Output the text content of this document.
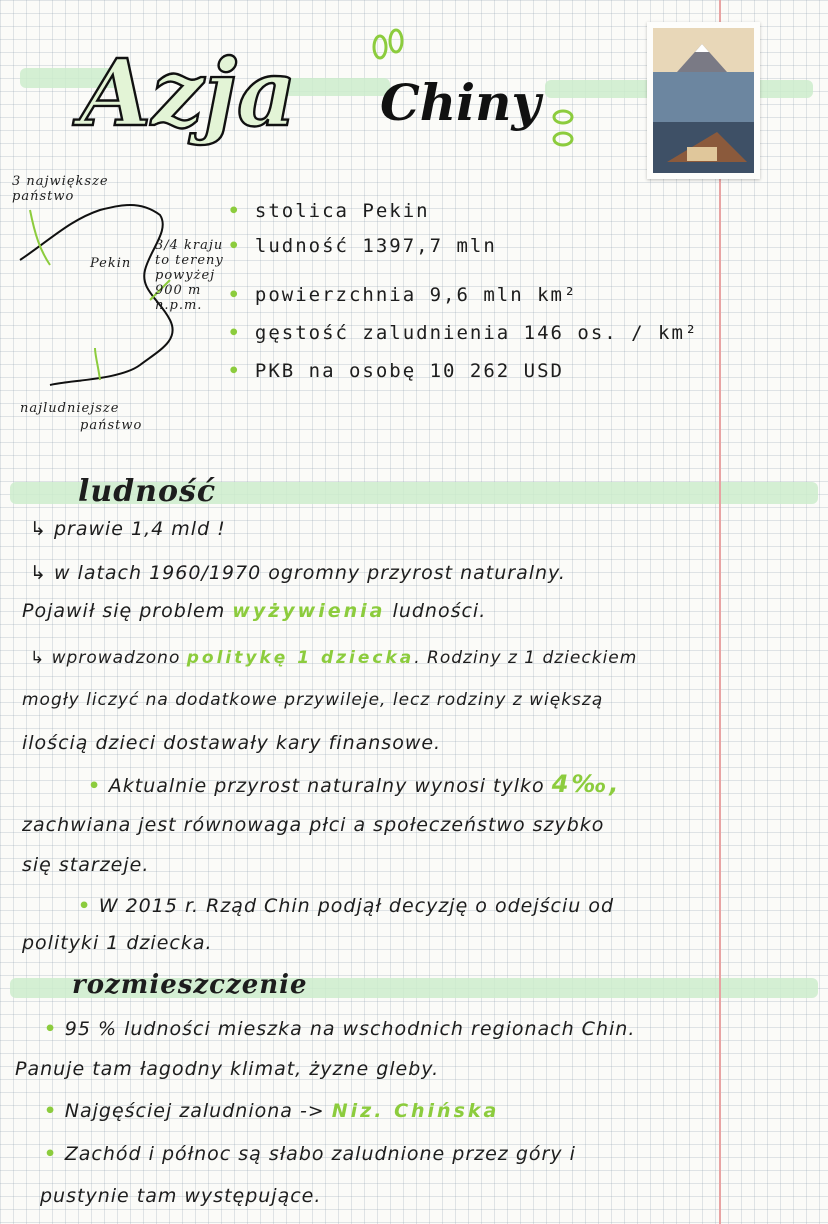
Azja Chiny
3 największe
państwo
Pekin
3/4 kraju
to tereny
powyżej
900 m
n.p.m.
najludniejsze
państwo
• stolica Pekin
• ludność 1397,7 mln
• powierzchnia 9,6 mln km²
• gęstość zaludnienia 146 os. / km²
• PKB na osobę 10 262 USD
ludność
↳ prawie 1,4 mld !
↳ w latach 1960/1970 ogromny przyrost naturalny.
Pojawił się problem wyżywienia ludności.
↳ wprowadzono politykę 1 dziecka. Rodziny z 1 dzieckiem
mogły liczyć na dodatkowe przywileje, lecz rodziny z większą
ilością dzieci dostawały kary finansowe.
• Aktualnie przyrost naturalny wynosi tylko 4‰,
zachwiana jest równowaga płci a społeczeństwo szybko
się starzeje.
• W 2015 r. Rząd Chin podjął decyzję o odejściu od
polityki 1 dziecka.
rozmieszczenie
• 95 % ludności mieszka na wschodnich regionach Chin.
Panuje tam łagodny klimat, żyzne gleby.
• Najgęściej zaludniona -> Niz. Chińska
• Zachód i północ są słabo zaludnione przez góry i
pustynie tam występujące.
